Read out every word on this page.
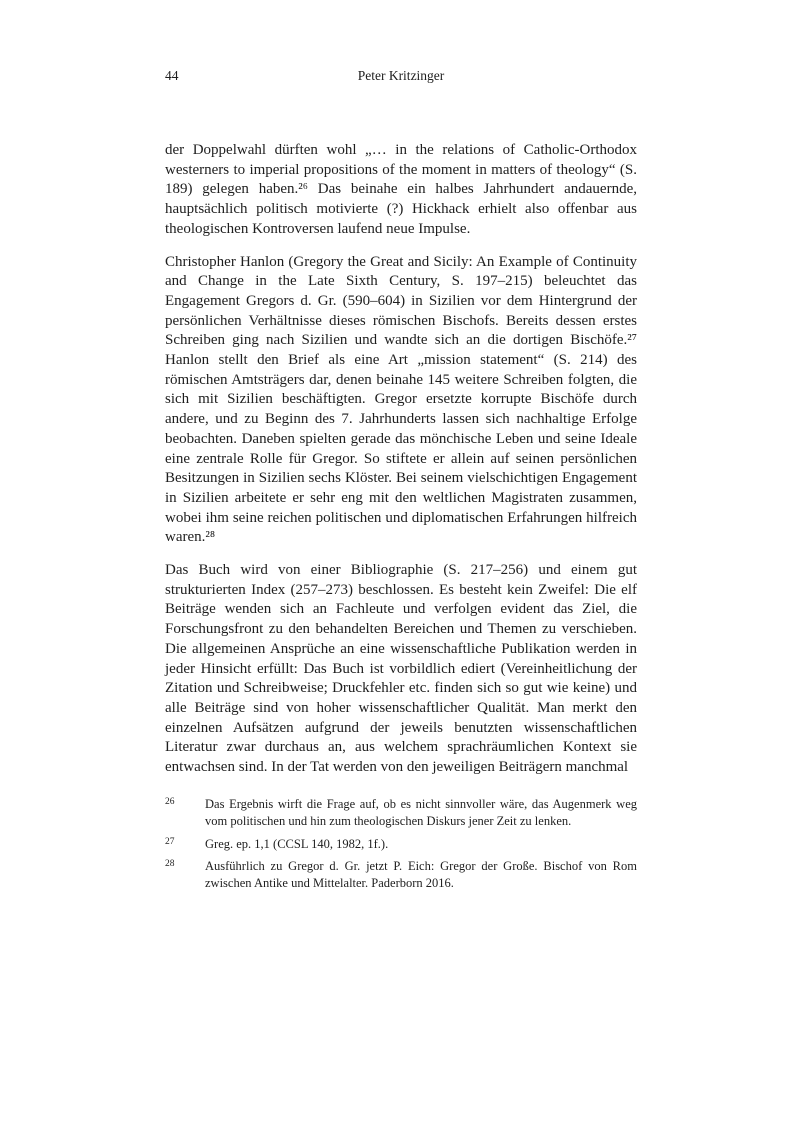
44	Peter Kritzinger

der Doppelwahl dürften wohl „… in the relations of Catholic-Orthodox westerners to imperial propositions of the moment in matters of theology“ (S. 189) gelegen haben.²⁶ Das beinahe ein halbes Jahrhundert andauernde, hauptsächlich politisch motivierte (?) Hickhack erhielt also offenbar aus theologischen Kontroversen laufend neue Impulse.

Christopher Hanlon (Gregory the Great and Sicily: An Example of Continuity and Change in the Late Sixth Century, S. 197–215) beleuchtet das Engagement Gregors d. Gr. (590–604) in Sizilien vor dem Hintergrund der persönlichen Verhältnisse dieses römischen Bischofs. Bereits dessen erstes Schreiben ging nach Sizilien und wandte sich an die dortigen Bischöfe.²⁷ Hanlon stellt den Brief als eine Art „mission statement“ (S. 214) des römischen Amtsträgers dar, denen beinahe 145 weitere Schreiben folgten, die sich mit Sizilien beschäftigten. Gregor ersetzte korrupte Bischöfe durch andere, und zu Beginn des 7. Jahrhunderts lassen sich nachhaltige Erfolge beobachten. Daneben spielten gerade das mönchische Leben und seine Ideale eine zentrale Rolle für Gregor. So stiftete er allein auf seinen persönlichen Besitzungen in Sizilien sechs Klöster. Bei seinem vielschichtigen Engagement in Sizilien arbeitete er sehr eng mit den weltlichen Magistraten zusammen, wobei ihm seine reichen politischen und diplomatischen Erfahrungen hilfreich waren.²⁸

Das Buch wird von einer Bibliographie (S. 217–256) und einem gut strukturierten Index (257–273) beschlossen. Es besteht kein Zweifel: Die elf Beiträge wenden sich an Fachleute und verfolgen evident das Ziel, die Forschungsfront zu den behandelten Bereichen und Themen zu verschieben. Die allgemeinen Ansprüche an eine wissenschaftliche Publikation werden in jeder Hinsicht erfüllt: Das Buch ist vorbildlich ediert (Vereinheitlichung der Zitation und Schreibweise; Druckfehler etc. finden sich so gut wie keine) und alle Beiträge sind von hoher wissenschaftlicher Qualität. Man merkt den einzelnen Aufsätzen aufgrund der jeweils benutzten wissenschaftlichen Literatur zwar durchaus an, aus welchem sprachräumlichen Kontext sie entwachsen sind. In der Tat werden von den jeweiligen Beiträgern manchmal

26	Das Ergebnis wirft die Frage auf, ob es nicht sinnvoller wäre, das Augenmerk weg vom politischen und hin zum theologischen Diskurs jener Zeit zu lenken.
27	Greg. ep. 1,1 (CCSL 140, 1982, 1f.).
28	Ausführlich zu Gregor d. Gr. jetzt P. Eich: Gregor der Große. Bischof von Rom zwischen Antike und Mittelalter. Paderborn 2016.
